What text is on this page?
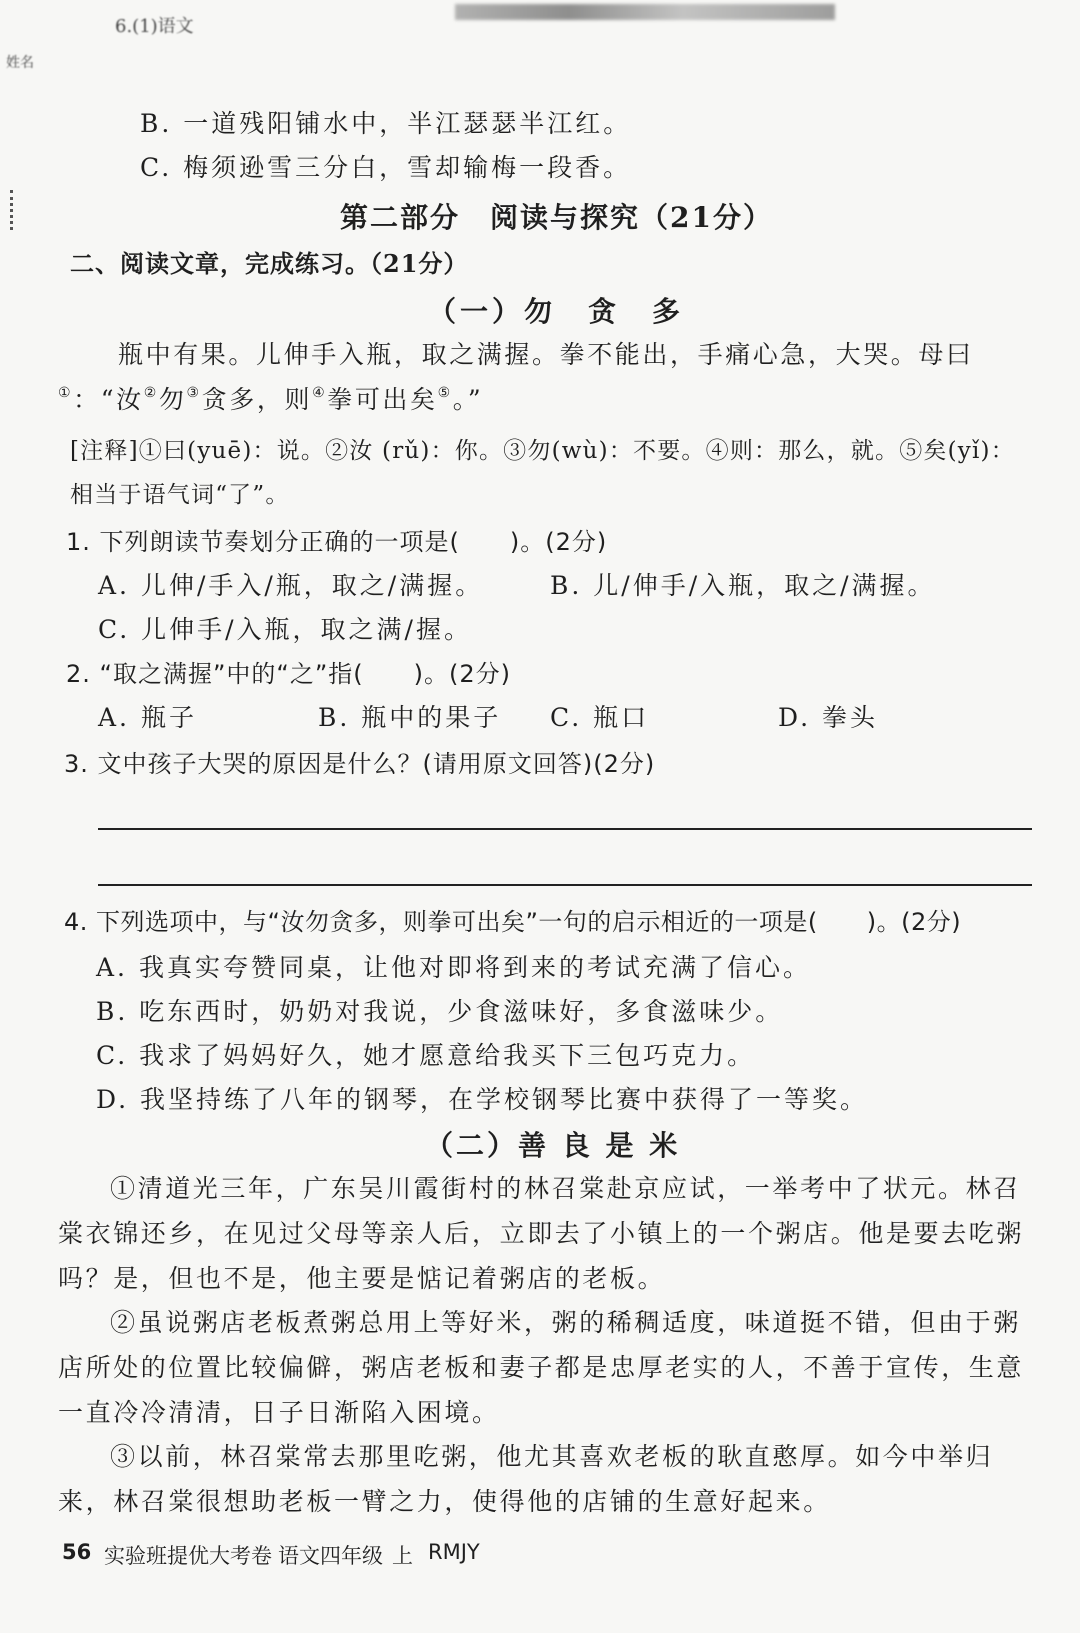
6.(1)语文
姓名
B. 一道残阳铺水中，半江瑟瑟半江红。
C. 梅须逊雪三分白，雪却输梅一段香。
第二部分　阅读与探究（21分）
二、阅读文章，完成练习。（21分）
（一）勿　贪　多
瓶中有果。儿伸手入瓶，取之满握。拳不能出，手痛心急，大哭。母曰①：“汝②勿③贪多，则④拳可出矣⑤。”
[注释]①曰(yuē)：说。②汝 (rǔ)：你。③勿(wù)：不要。④则：那么，就。⑤矣(yǐ)：
相当于语气词“了”。
1. 下列朗读节奏划分正确的一项是(　　)。(2分)
A. 儿伸/手入/瓶，取之/满握。	B. 儿/伸手/入瓶，取之/满握。
C. 儿伸手/入瓶，取之满/握。
2. “取之满握”中的“之”指(　　)。(2分)
A. 瓶子	B. 瓶中的果子 C. 瓶口	D. 拳头
3. 文中孩子大哭的原因是什么？(请用原文回答)(2分)
4. 下列选项中，与“汝勿贪多，则拳可出矣”一句的启示相近的一项是(　　)。(2分)
A. 我真实夸赞同桌，让他对即将到来的考试充满了信心。
B. 吃东西时，奶奶对我说，少食滋味好，多食滋味少。
C. 我求了妈妈好久，她才愿意给我买下三包巧克力。
D. 我坚持练了八年的钢琴，在学校钢琴比赛中获得了一等奖。
（二）善 良 是 米
①清道光三年，广东吴川霞街村的林召棠赴京应试，一举考中了状元。林召棠衣锦还乡，在见过父母等亲人后，立即去了小镇上的一个粥店。他是要去吃粥吗？是，但也不是，他主要是惦记着粥店的老板。
②虽说粥店老板煮粥总用上等好米，粥的稀稠适度，味道挺不错，但由于粥店所处的位置比较偏僻，粥店老板和妻子都是忠厚老实的人，不善于宣传，生意一直冷冷清清，日子日渐陷入困境。
③以前，林召棠常去那里吃粥，他尤其喜欢老板的耿直憨厚。如今中举归来，林召棠很想助老板一臂之力，使得他的店铺的生意好起来。
56 实验班提优大考卷 语文四年级 上 RMJY
